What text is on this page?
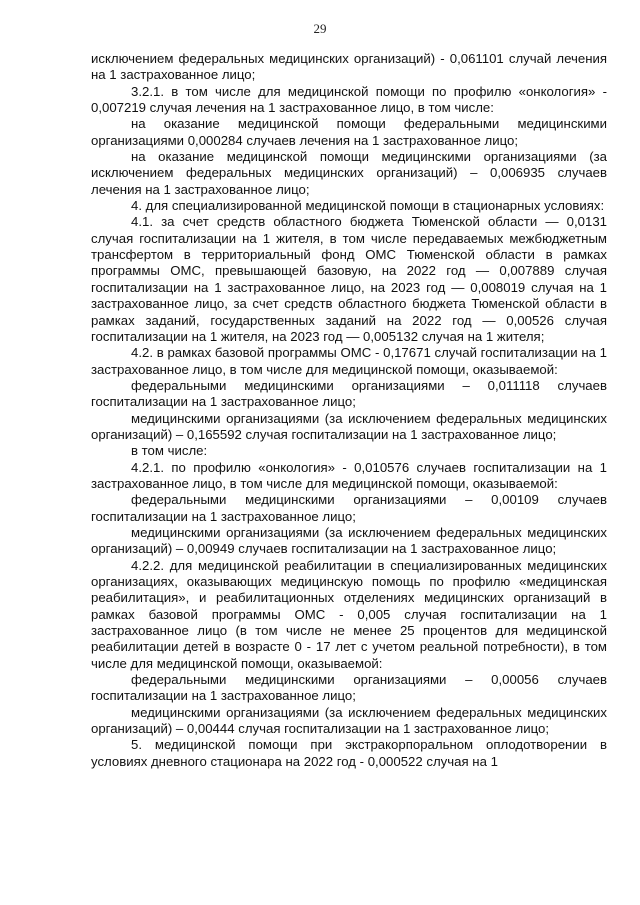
29

исключением федеральных медицинских организаций) - 0,061101 случай лечения на 1 застрахованное лицо;

3.2.1. в том числе для медицинской помощи по профилю «онкология» - 0,007219 случая лечения на 1 застрахованное лицо, в том числе:

на оказание медицинской помощи федеральными медицинскими организациями 0,000284 случаев лечения на 1 застрахованное лицо;

на оказание медицинской помощи медицинскими организациями (за исключением федеральных медицинских организаций) – 0,006935 случаев лечения на 1 застрахованное лицо;

4. для специализированной медицинской помощи в стационарных условиях:

4.1. за счет средств областного бюджета Тюменской области — 0,0131 случая госпитализации на 1 жителя, в том числе передаваемых межбюджетным трансфертом в территориальный фонд ОМС Тюменской области в рамках программы ОМС, превышающей базовую, на 2022 год — 0,007889 случая госпитализации на 1 застрахованное лицо, на 2023 год — 0,008019 случая на 1 застрахованное лицо, за счет средств областного бюджета Тюменской области в рамках заданий, государственных заданий на 2022 год — 0,00526 случая госпитализации на 1 жителя, на 2023 год — 0,005132 случая на 1 жителя;

4.2. в рамках базовой программы ОМС - 0,17671 случай госпитализации на 1 застрахованное лицо, в том числе для медицинской помощи, оказываемой:

федеральными медицинскими организациями – 0,011118 случаев госпитализации на 1 застрахованное лицо;

медицинскими организациями (за исключением федеральных медицинских организаций) – 0,165592 случая госпитализации на 1 застрахованное лицо;

в том числе:

4.2.1. по профилю «онкология» - 0,010576 случаев госпитализации на 1 застрахованное лицо, в том числе для медицинской помощи, оказываемой:

федеральными медицинскими организациями – 0,00109 случаев госпитализации на 1 застрахованное лицо;

медицинскими организациями (за исключением федеральных медицинских организаций) – 0,00949 случаев госпитализации на 1 застрахованное лицо;

4.2.2. для медицинской реабилитации в специализированных медицинских организациях, оказывающих медицинскую помощь по профилю «медицинская реабилитация», и реабилитационных отделениях медицинских организаций в рамках базовой программы ОМС - 0,005 случая госпитализации на 1 застрахованное лицо (в том числе не менее 25 процентов для медицинской реабилитации детей в возрасте 0 - 17 лет с учетом реальной потребности), в том числе для медицинской помощи, оказываемой:

федеральными медицинскими организациями – 0,00056 случаев госпитализации на 1 застрахованное лицо;

медицинскими организациями (за исключением федеральных медицинских организаций) – 0,00444 случая госпитализации на 1 застрахованное лицо;

5. медицинской помощи при экстракорпоральном оплодотворении в условиях дневного стационара на 2022 год - 0,000522 случая на 1
